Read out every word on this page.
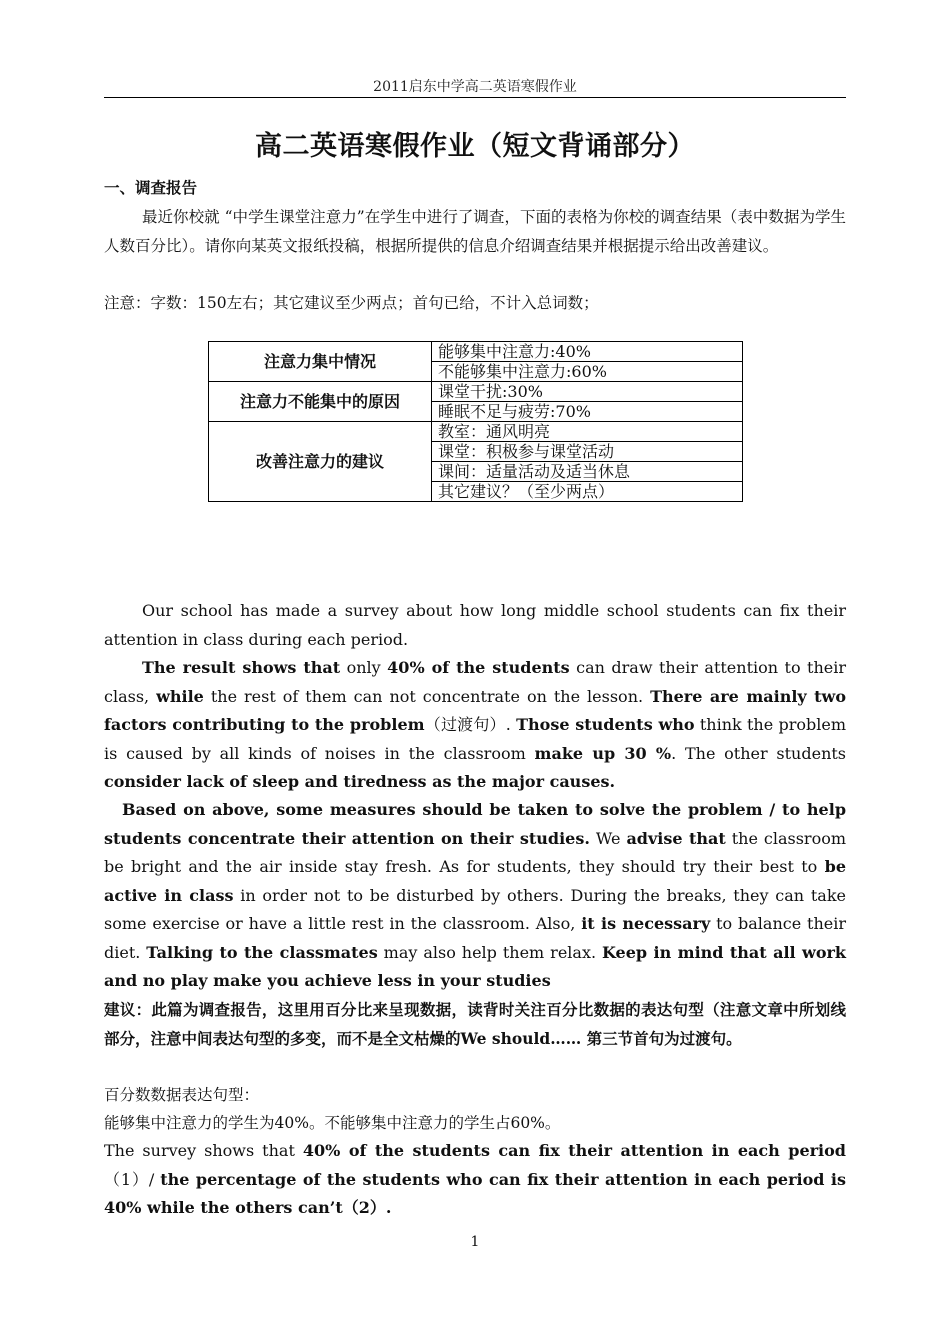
2011启东中学高二英语寒假作业
高二英语寒假作业（短文背诵部分）
一、调查报告
最近你校就 “中学生课堂注意力”在学生中进行了调查，下面的表格为你校的调查结果（表中数据为学生人数百分比）。请你向某英文报纸投稿，根据所提供的信息介绍调查结果并根据提示给出改善建议。
注意：字数：150左右；其它建议至少两点；首句已给，不计入总词数；
注意力集中情况	能够集中注意力:40%
	不能够集中注意力:60%
注意力不能集中的原因	课堂干扰:30%
	睡眠不足与疲劳:70%
改善注意力的建议	教室：通风明亮
	课堂：积极参与课堂活动
	课间：适量活动及适当休息
	其它建议？（至少两点）
Our school has made a survey about how long middle school students can fix their attention in class during each period.
The result shows that only 40% of the students can draw their attention to their class, while the rest of them can not concentrate on the lesson. There are mainly two factors contributing to the problem（过渡句）. Those students who think the problem is caused by all kinds of noises in the classroom make up 30 %. The other students consider lack of sleep and tiredness as the major causes.
Based on above, some measures should be taken to solve the problem / to help students concentrate their attention on their studies. We advise that the classroom be bright and the air inside stay fresh. As for students, they should try their best to be active in class in order not to be disturbed by others. During the breaks, they can take some exercise or have a little rest in the classroom. Also, it is necessary to balance their diet. Talking to the classmates may also help them relax. Keep in mind that all work and no play make you achieve less in your studies
建议：此篇为调查报告，这里用百分比来呈现数据，读背时关注百分比数据的表达句型（注意文章中所划线部分，注意中间表达句型的多变，而不是全文枯燥的We should…… 第三节首句为过渡句。
百分数数据表达句型：
能够集中注意力的学生为40%。不能够集中注意力的学生占60%。
The survey shows that 40% of the students can fix their attention in each period （1）/ the percentage of the students who can fix their attention in each period is 40% while the others can’t（2）.
1
